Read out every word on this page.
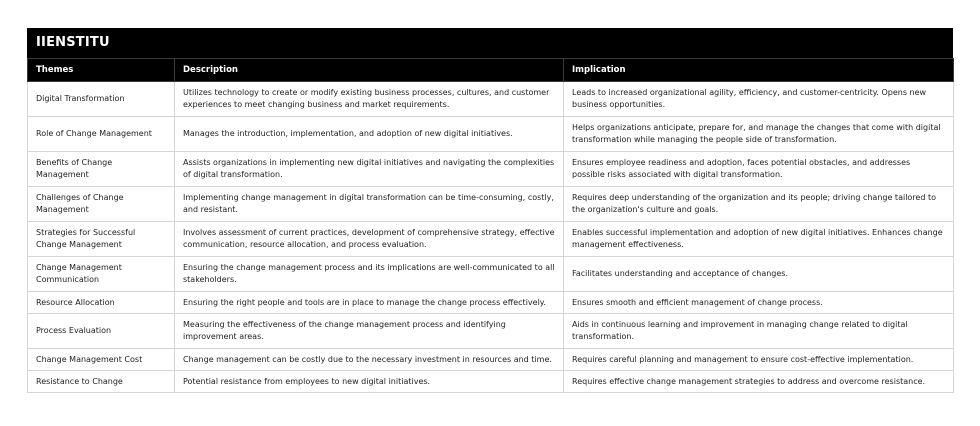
IIENSTITU
Themes	Description	Implication
Digital Transformation	Utilizes technology to create or modify existing business processes, cultures, and customer experiences to meet changing business and market requirements.	Leads to increased organizational agility, efficiency, and customer-centricity. Opens new business opportunities.
Role of Change Management	Manages the introduction, implementation, and adoption of new digital initiatives.	Helps organizations anticipate, prepare for, and manage the changes that come with digital transformation while managing the people side of transformation.
Benefits of Change Management	Assists organizations in implementing new digital initiatives and navigating the complexities of digital transformation.	Ensures employee readiness and adoption, faces potential obstacles, and addresses possible risks associated with digital transformation.
Challenges of Change Management	Implementing change management in digital transformation can be time-consuming, costly, and resistant.	Requires deep understanding of the organization and its people; driving change tailored to the organization's culture and goals.
Strategies for Successful Change Management	Involves assessment of current practices, development of comprehensive strategy, effective communication, resource allocation, and process evaluation.	Enables successful implementation and adoption of new digital initiatives. Enhances change management effectiveness.
Change Management Communication	Ensuring the change management process and its implications are well-communicated to all stakeholders.	Facilitates understanding and acceptance of changes.
Resource Allocation	Ensuring the right people and tools are in place to manage the change process effectively.	Ensures smooth and efficient management of change process.
Process Evaluation	Measuring the effectiveness of the change management process and identifying improvement areas.	Aids in continuous learning and improvement in managing change related to digital transformation.
Change Management Cost	Change management can be costly due to the necessary investment in resources and time.	Requires careful planning and management to ensure cost-effective implementation.
Resistance to Change	Potential resistance from employees to new digital initiatives.	Requires effective change management strategies to address and overcome resistance.
